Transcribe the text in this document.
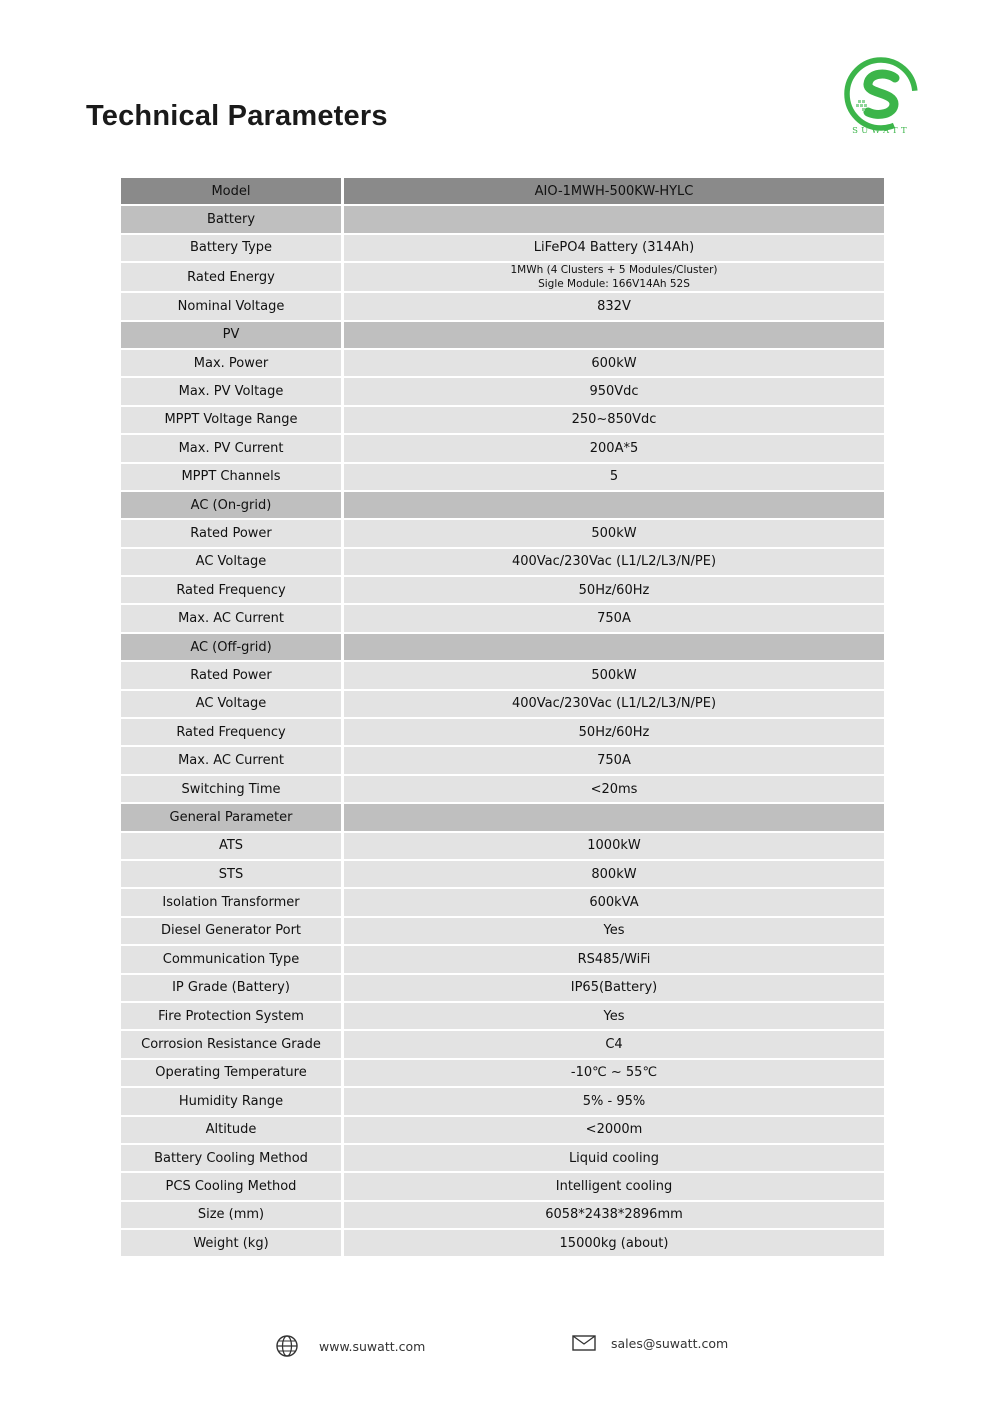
Technical Parameters	SUWATT
Model	AIO-1MWH-500KW-HYLC
Battery	
Battery Type	LiFePO4 Battery (314Ah)
Rated Energy	1MWh (4 Clusters + 5 Modules/Cluster)
Sigle Module: 166V14Ah 52S

Nominal Voltage	832V
PV	
Max. Power	600kW
Max. PV Voltage	950Vdc
MPPT Voltage Range	250~850Vdc
Max. PV Current	200A*5
MPPT Channels	5
AC (On-grid)	
Rated Power	500kW
AC Voltage	400Vac/230Vac (L1/L2/L3/N/PE)
Rated Frequency	50Hz/60Hz
Max. AC Current	750A
AC (Off-grid)	
Rated Power	500kW
AC Voltage	400Vac/230Vac (L1/L2/L3/N/PE)
Rated Frequency	50Hz/60Hz
Max. AC Current	750A
Switching Time	<20ms
General Parameter	
ATS	1000kW
STS	800kW
Isolation Transformer	600kVA
Diesel Generator Port	Yes
Communication Type	RS485/WiFi
IP Grade (Battery)	IP65(Battery)
Fire Protection System	Yes
Corrosion Resistance Grade	C4
Operating Temperature	-10℃ ~ 55℃
Humidity Range	5% - 95%
Altitude	<2000m
Battery Cooling Method	Liquid cooling
PCS Cooling Method	Intelligent cooling
Size (mm)	6058*2438*2896mm
Weight (kg)	15000kg (about)
www.suwatt.com	sales@suwatt.com
